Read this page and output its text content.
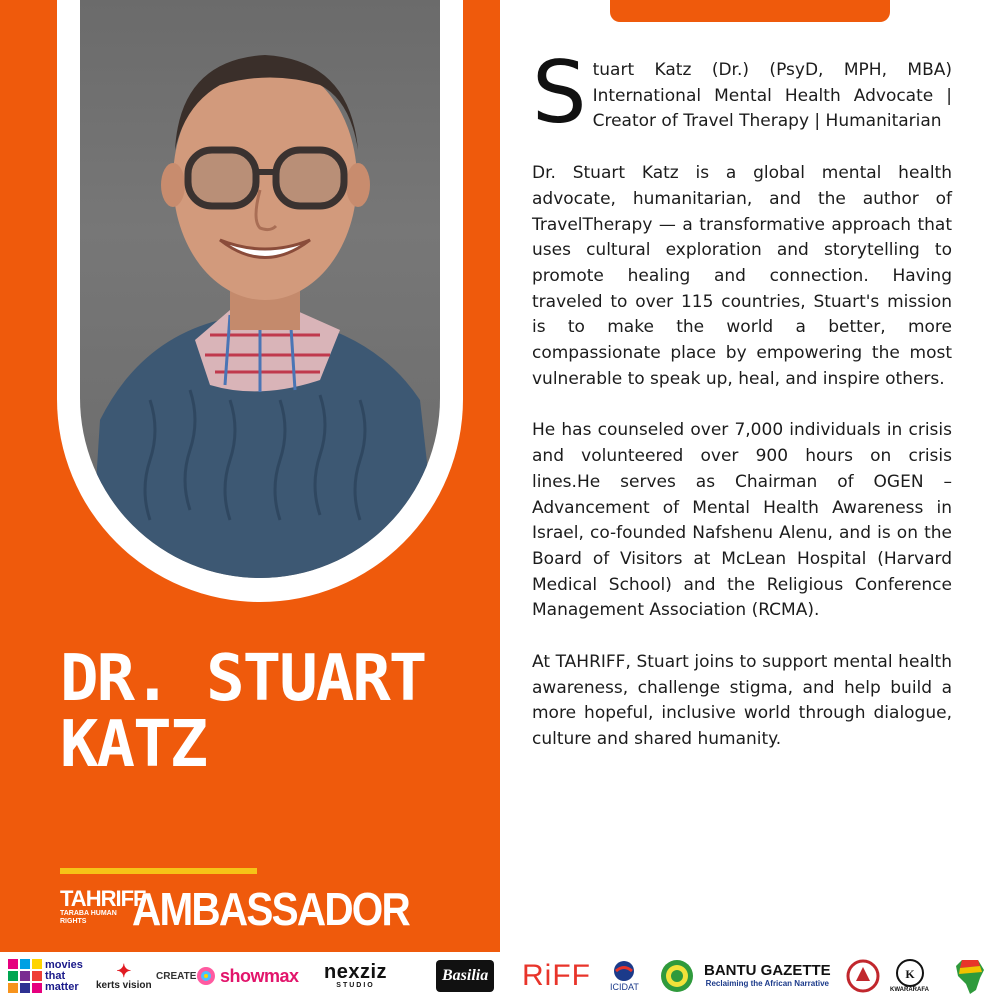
DR. STUART
KATZ
TAHRIFF
TARABA HUMAN
RIGHTS AMBASSADOR

Stuart Katz (Dr.) (PsyD, MPH, MBA) International Mental Health Advocate | Creator of Travel Therapy | Humanitarian

Dr. Stuart Katz is a global mental health advocate, humanitarian, and the author of TravelTherapy — a transformative approach that uses cultural exploration and storytelling to promote healing and connection. Having traveled to over 115 countries, Stuart's mission is to make the world a better, more compassionate place by empowering the most vulnerable to speak up, heal, and inspire others.

He has counseled over 7,000 individuals in crisis and volunteered over 900 hours on crisis lines.He serves as Chairman of OGEN – Advancement of Mental Health Awareness in Israel, co-founded Nafshenu Alenu, and is on the Board of Visitors at McLean Hospital (Harvard Medical School) and the Religious Conference Management Association (RCMA).

At TAHRIFF, Stuart joins to support mental health awareness, challenge stigma, and help build a more hopeful, inclusive world through dialogue, culture and shared humanity.

movies that matter
✦
kerts vision
CREATE showmax nexziz
STUDIO
Basilia RiFF ICIDAT
BANTU GAZETTE
Reclaiming the African Narrative
K
KWARARAFA
